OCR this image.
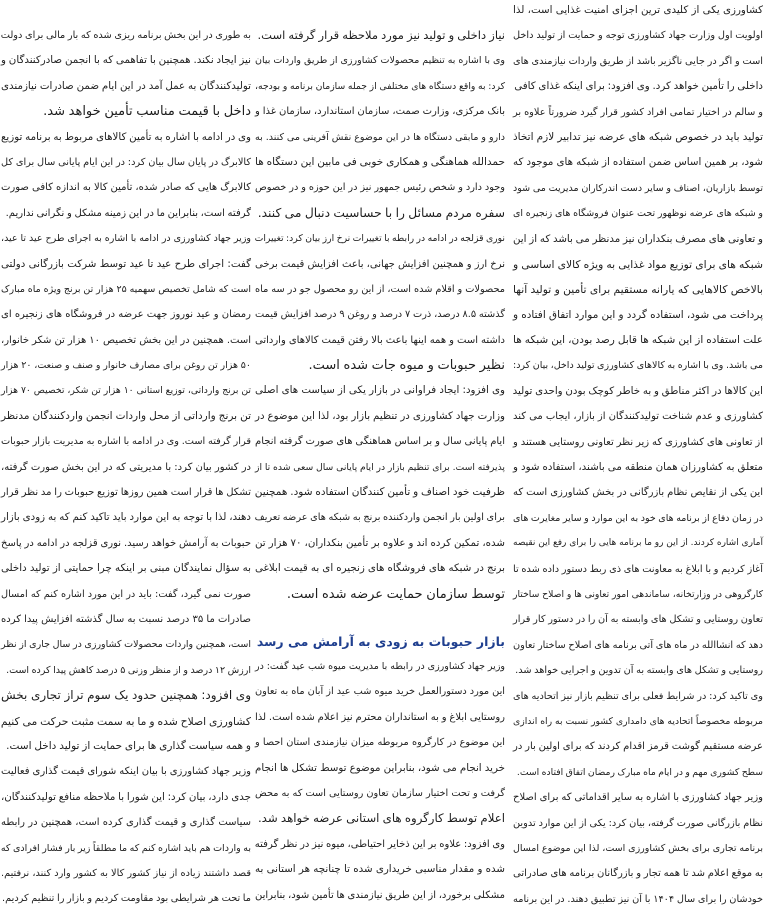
کشاورزی یکی از کلیدی ترین اجزای امنیت غذایی است، لذا
اولویت اول وزارت جهاد کشاورزی توجه و حمایت از تولید داخل
است و اگر در جایی ناگزیر باشد از طریق واردات نیازمندی های
داخلی را تأمین خواهد کرد. وی افزود: برای اینکه غذای کافی
و سالم در اختیار تمامی افراد کشور قرار گیرد ضرورتاً علاوه بر
تولید باید در خصوص شبکه های عرضه نیز تدابیر لازم اتخاذ
شود، بر همین اساس ضمن استفاده از شبکه های موجود که
توسط بازاریان، اصناف و سایر دست اندرکاران مدیریت می شود
و شبکه های عرضه نوظهور تحت عنوان فروشگاه های زنجیره ای
و تعاونی های مصرف بنکداران نیز مدنظر می باشد که از این
شبکه های برای توزیع مواد غذایی به ویژه کالای اساسی و
بالاخص کالاهایی که یارانه مستقیم برای تأمین و تولید آنها
پرداخت می شود، استفاده گردد و این موارد اتفاق افتاده و
علت استفاده از این شبکه ها قابل رصد بودن، این شبکه ها
می باشد. وی با اشاره به کالاهای کشاورزی تولید داخل، بیان کرد:
این کالاها در اکثر مناطق و به خاطر کوچک بودن واحدی تولید
کشاورزی و عدم شناخت تولیدکنندگان از بازار، ایجاب می کند
از تعاونی های کشاورزی که زیر نظر تعاونی روستایی هستند و
متعلق به کشاورزان همان منطقه می باشند، استفاده شود و
این یکی از نقایص نظام بازرگانی در بخش کشاورزی است که
در زمان دفاع از برنامه های خود به این موارد و سایر مغایرت های
آماری اشاره کردند. از این رو ما برنامه هایی را برای رفع این نقیصه
آغاز کردیم و با ابلاغ به معاونت های ذی ربط دستور داده شده تا
کارگروهی در وزارتخانه، ساماندهی امور تعاونی ها و اصلاح ساختار
تعاون روستایی و تشکل های وابسته به آن را در دستور کار قرار
دهد که انشاالله در ماه های آتی برنامه های اصلاح ساختار تعاون
روستایی و تشکل های وابسته به آن تدوین و اجرایی خواهد شد.
وی تاکید کرد: در شرایط فعلی برای تنظیم بازار نیز اتحادیه های
مربوطه مخصوصاً اتحادیه های دامداری کشور نسبت به راه اندازی
عرضه مستقیم گوشت قرمز اقدام کردند که برای اولین بار در
سطح کشوری مهم و در ایام ماه مبارک رمضان اتفاق افتاده است.
وزیر جهاد کشاورزی با اشاره به سایر اقداماتی که برای اصلاح
نظام بازرگانی صورت گرفته، بیان کرد: یکی از این موارد تدوین
برنامه تجاری برای بخش کشاورزی است، لذا این موضوع امسال
به موقع اعلام شد تا همه تجار و بازرگانان برنامه های صادراتی
خودشان را برای سال ۱۴۰۴ با آن نیز تطبیق دهند. در این برنامه
نیاز داخلی و تولید نیز مورد ملاحظه قرار گرفته است.
وی با اشاره به تنظیم محصولات کشاورزی از طریق واردات بیان
کرد: به واقع دستگاه های مختلفی از جمله سازمان برنامه و بودجه،
بانک مرکزی، وزارت صمت، سازمان استاندارد، سازمان غذا و
دارو و مابقی دستگاه ها در این موضوع نقش آفرینی می کنند. به
حمدالله هماهنگی و همکاری خوبی فی مابین این دستگاه ها
وجود دارد و شخص رئیس جمهور نیز در این حوزه و در خصوص
سفره مردم مسائل را با حساسیت دنبال می کنند.
نوری قزلجه در ادامه در رابطه با تغییرات نرخ ارز بیان کرد: تغییرات
نرخ ارز و همچنین افزایش جهانی، باعث افزایش قیمت برخی
محصولات و اقلام شده است، از این رو محصول جو در سه ماه
گذشته ۸.۵ درصد، ذرت ۷ درصد و روغن ۹ درصد افزایش قیمت
داشته است و همه اینها باعث بالا رفتن قیمت کالاهای وارداتی
نظیر حبوبات و میوه جات شده است.
وی افزود: ایجاد فراوانی در بازار یکی از سیاست های اصلی
وزارت جهاد کشاورزی در تنظیم بازار بود، لذا این موضوع در
ایام پایانی سال و بر اساس هماهنگی های صورت گرفته انجام
پذیرفته است. برای تنظیم بازار در ایام پایانی سال سعی شده تا از
ظرفیت خود اصناف و تأمین کنندگان استفاده شود. همچنین
برای اولین بار انجمن واردکننده برنج به شبکه های عرضه تعریف
شده، تمکین کرده اند و علاوه بر تأمین بنکداران، ۷۰ هزار تن
برنج در شبکه های فروشگاه های زنجیره ای به قیمت ابلاغی
توسط سازمان حمایت عرضه شده است.
بازار حبوبات به زودی به آرامش می رسد
وزیر جهاد کشاورزی در رابطه با مدیریت میوه شب عید گفت: در
این مورد دستورالعمل خرید میوه شب عید از آبان ماه به تعاون
روستایی ابلاغ و به استانداران محترم نیز اعلام شده است. لذا
این موضوع در کارگروه مربوطه میزان نیازمندی استان احصا و
خرید انجام می شود، بنابراین موضوع توسط تشکل ها انجام
گرفت و تحت اختیار سازمان تعاون روستایی است که به محض
اعلام توسط کارگروه های استانی عرضه خواهد شد.
وی افزود: علاوه بر این ذخایر احتیاطی، میوه نیز در نظر گرفته
شده و مقدار مناسبی خریداری شده تا چنانچه هر استانی به
مشکلی برخورد، از این طریق نیازمندی ها تأمین شود، بنابراین
به طوری در این بخش برنامه ریزی شده که بار مالی برای دولت
نیز ایجاد نکند. همچنین با تفاهمی که با انجمن صادرکنندگان و
تولیدکنندگان به عمل آمد در این ایام ضمن صادرات نیازمندی
داخل با قیمت مناسب تأمین خواهد شد.
وی در ادامه با اشاره به تأمین کالاهای مربوط به برنامه توزیع
کالابرگ در پایان سال بیان کرد: در این ایام پایانی سال برای کل
کالابرگ هایی که صادر شده، تأمین کالا به اندازه کافی صورت
گرفته است، بنابراین ما در این زمینه مشکل و نگرانی نداریم.
وزیر جهاد کشاورزی در ادامه با اشاره به اجرای طرح عید تا عید،
گفت: اجرای طرح عید تا عید توسط شرکت بازرگانی دولتی
است که شامل تخصیص سهمیه ۲۵ هزار تن برنج ویژه ماه مبارک
رمضان و عید نوروز جهت عرضه در فروشگاه های زنجیره ای
است. همچنین در این بخش تخصیص ۱۰ هزار تن شکر خانوار،
۵۰ هزار تن روغن برای مصارف خانوار و صنف و صنعت، ۲۰ هزار
تن برنج وارداتی، توزیع استانی ۱۰ هزار تن شکر، تخصیص ۷۰ هزار
تن برنج وارداتی از محل واردات انجمن واردکنندگان مدنظر
قرار گرفته است. وی در ادامه با اشاره به مدیریت بازار حبوبات
در کشور بیان کرد: با مدیریتی که در این بخش صورت گرفته،
تشکل ها قرار است همین روزها توزیع حبوبات را مد نظر قرار
دهند، لذا با توجه به این موارد باید تاکید کنم که به زودی بازار
حبوبات به آرامش خواهد رسید. نوری قزلجه در ادامه در پاسخ
به سؤال نمایندگان مبنی بر اینکه چرا حمایتی از تولید داخلی
صورت نمی گیرد، گفت: باید در این مورد اشاره کنم که امسال
صادرات ما ۳۵ درصد نسبت به سال گذشته افزایش پیدا کرده
است، همچنین واردات محصولات کشاورزی در سال جاری از نظر
ارزش ۱۲ درصد و از منظر وزنی ۵ درصد کاهش پیدا کرده است.
وی افزود: همچنین حدود یک سوم تراز تجاری بخش
کشاورزی اصلاح شده و ما به سمت مثبت حرکت می کنیم
و همه سیاست گذاری ها برای حمایت از تولید داخل است.
وزیر جهاد کشاورزی با بیان اینکه شورای قیمت گذاری فعالیت
جدی دارد، بیان کرد: این شورا با ملاحظه منافع تولیدکنندگان،
سیاست گذاری و قیمت گذاری کرده است، همچنین در رابطه
به واردات هم باید اشاره کنم که ما مطلقاً زیر بار فشار افرادی که
قصد داشتند زیاده از نیاز کشور کالا به کشور وارد کنند، نرفتیم.
ما تحت هر شرایطی بود مقاومت کردیم و بازار را تنظیم کردیم.
